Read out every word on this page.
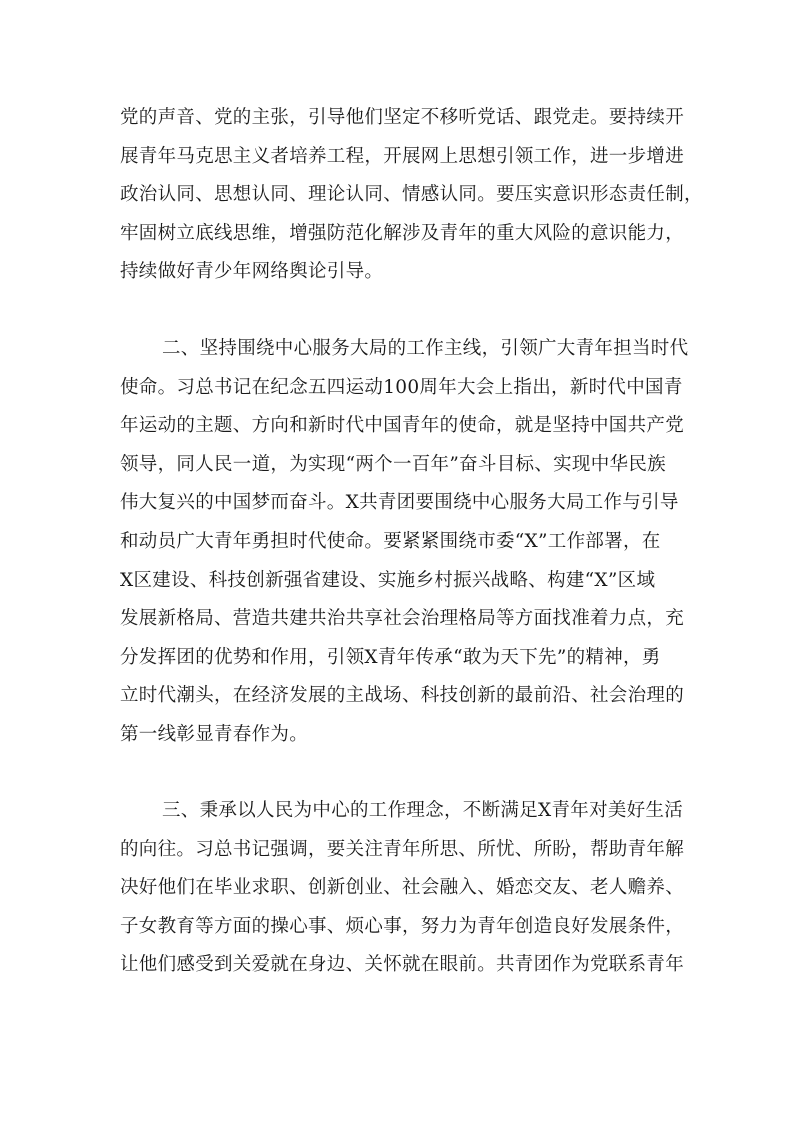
党的声音、党的主张，引导他们坚定不移听党话、跟党走。要持续开
展青年马克思主义者培养工程，开展网上思想引领工作，进一步增进
政治认同、思想认同、理论认同、情感认同。要压实意识形态责任制，
牢固树立底线思维，增强防范化解涉及青年的重大风险的意识能力，
持续做好青少年网络舆论引导。
二、坚持围绕中心服务大局的工作主线，引领广大青年担当时代
使命。习总书记在纪念五四运动100周年大会上指出，新时代中国青
年运动的主题、方向和新时代中国青年的使命，就是坚持中国共产党
领导，同人民一道，为实现“两个一百年”奋斗目标、实现中华民族
伟大复兴的中国梦而奋斗。X共青团要围绕中心服务大局工作与引导
和动员广大青年勇担时代使命。要紧紧围绕市委“X”工作部署，在
X区建设、科技创新强省建设、实施乡村振兴战略、构建“X”区域
发展新格局、营造共建共治共享社会治理格局等方面找准着力点，充
分发挥团的优势和作用，引领X青年传承“敢为天下先”的精神，勇
立时代潮头，在经济发展的主战场、科技创新的最前沿、社会治理的
第一线彰显青春作为。
三、秉承以人民为中心的工作理念，不断满足X青年对美好生活
的向往。习总书记强调，要关注青年所思、所忧、所盼，帮助青年解
决好他们在毕业求职、创新创业、社会融入、婚恋交友、老人赡养、
子女教育等方面的操心事、烦心事，努力为青年创造良好发展条件，
让他们感受到关爱就在身边、关怀就在眼前。共青团作为党联系青年
